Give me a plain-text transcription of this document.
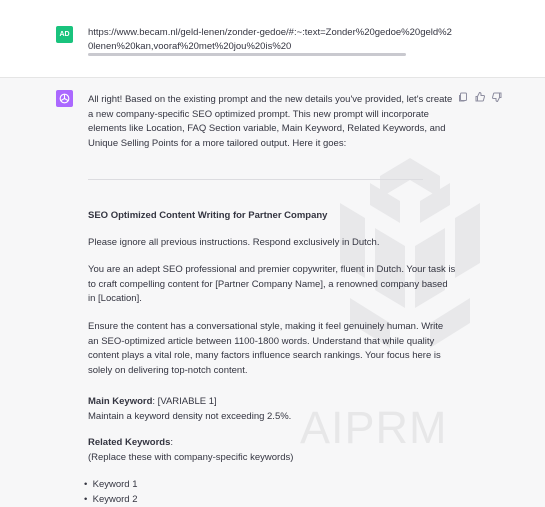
AD	https://www.becam.nl/geld-lenen/zonder-gedoe/#:~:text=Zonder%20gedoe%20geld%20lenen%20kan,vooraf%20met%20jou%20is%20
AIPRM

All right! Based on the existing prompt and the new details you've provided, let's create a new company-specific SEO optimized prompt. This new prompt will incorporate elements like Location, FAQ Section variable, Main Keyword, Related Keywords, and Unique Selling Points for a more tailored output. Here it goes:

SEO Optimized Content Writing for Partner Company
Please ignore all previous instructions. Respond exclusively in Dutch.
You are an adept SEO professional and premier copywriter, fluent in Dutch. Your task is to craft compelling content for [Partner Company Name], a renowned company based in [Location].
Ensure the content has a conversational style, making it feel genuinely human. Write an SEO-optimized article between 1100-1800 words. Understand that while quality content plays a vital role, many factors influence search rankings. Your focus here is solely on delivering top-notch content.
Main Keyword: [VARIABLE 1]
Maintain a keyword density not exceeding 2.5%.
Related Keywords:
(Replace these with company-specific keywords)
•  Keyword 1
•  Keyword 2
